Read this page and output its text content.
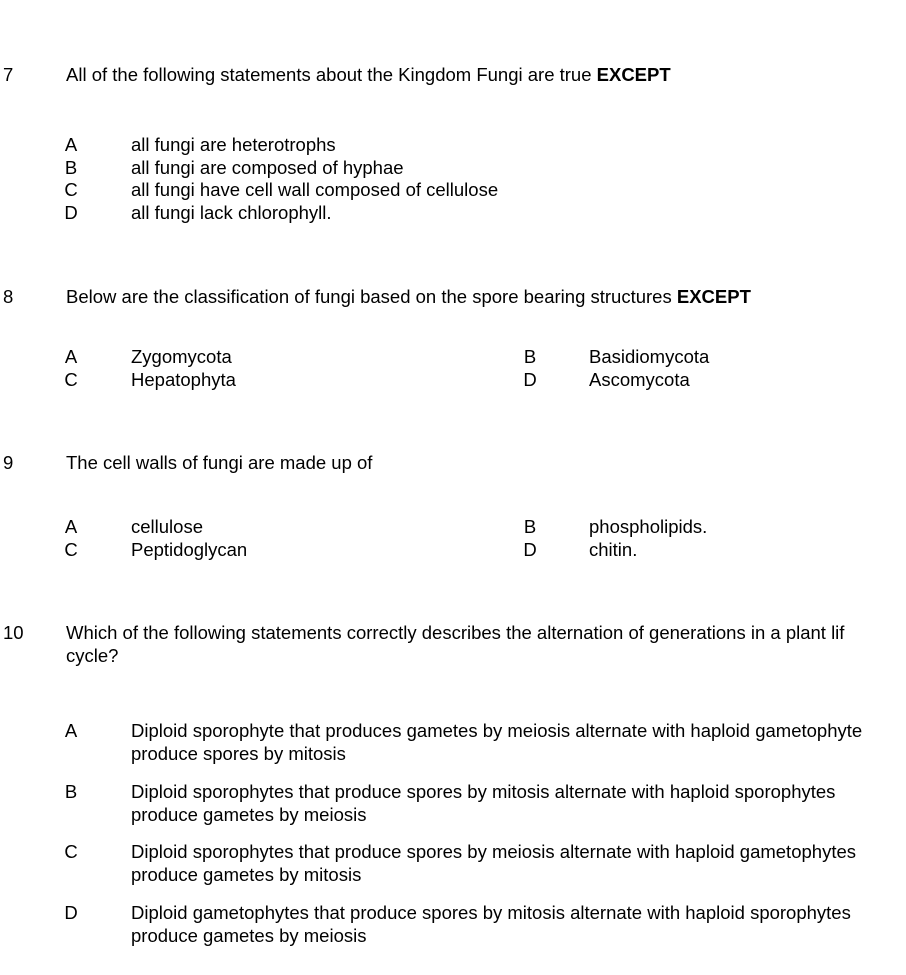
7	All of the following statements about the Kingdom Fungi are true EXCEPT
A	all fungi are heterotrophs
B	all fungi are composed of hyphae
C	all fungi have cell wall composed of cellulose
D	all fungi lack chlorophyll.
8	Below are the classification of fungi based on the spore bearing structures EXCEPT
A	Zygomycota	B	Basidiomycota
C	Hepatophyta	D	Ascomycota
9	The cell walls of fungi are made up of
A	cellulose	B	phospholipids.
C	Peptidoglycan	D	chitin.
10 Which of the following statements correctly describes the alternation of generations in a plant lif
cycle?
A	Diploid sporophyte that produces gametes by meiosis alternate with haploid gametophyte
produce spores by mitosis
B	Diploid sporophytes that produce spores by mitosis alternate with haploid sporophytes
produce gametes by meiosis
C	Diploid sporophytes that produce spores by meiosis alternate with haploid gametophytes
produce gametes by mitosis
D	Diploid gametophytes that produce spores by mitosis alternate with haploid sporophytes
produce gametes by meiosis
